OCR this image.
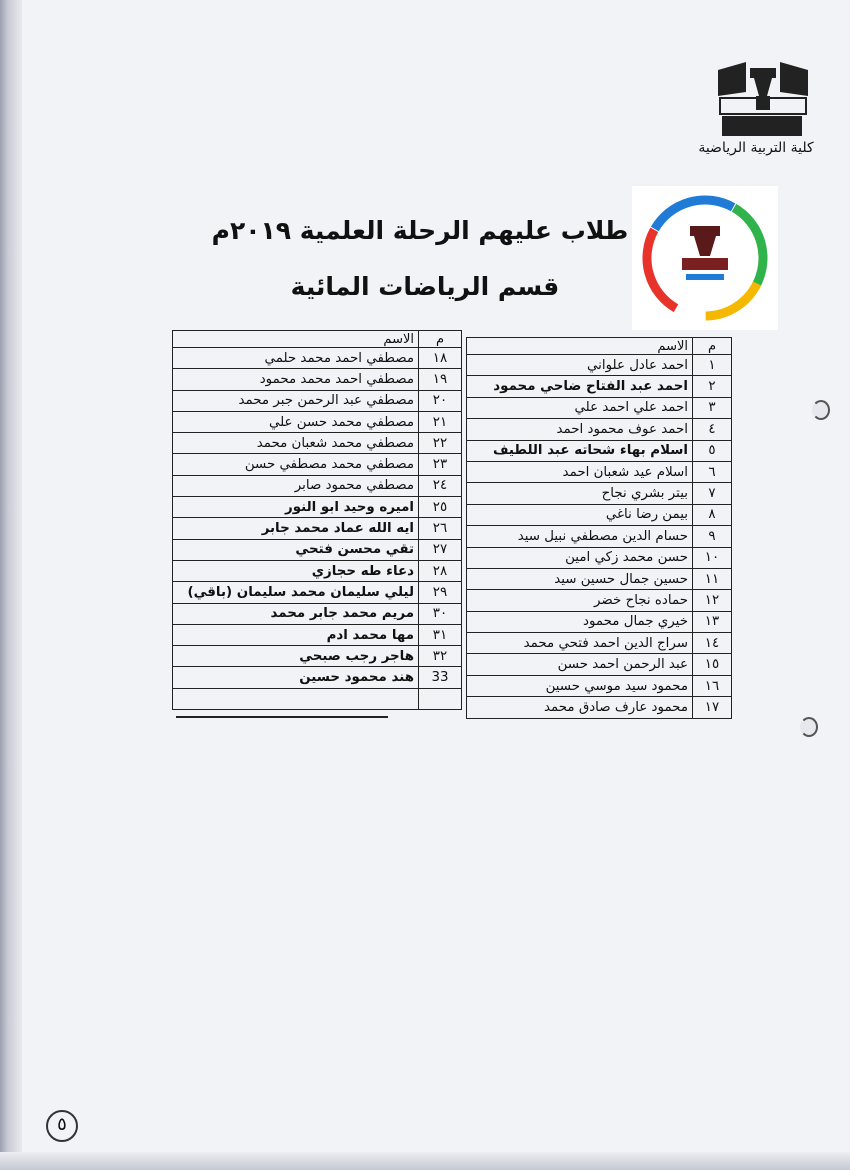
كلية التربية الرياضية
طلاب عليهم الرحلة العلمية ٢٠١٩م
قسم الرياضات المائية
م	الاسم
١	احمد عادل علواني
٢	احمد عبد الفتاح ضاحي محمود
٣	احمد علي احمد علي
٤	احمد عوف محمود احمد
٥	اسلام بهاء شحاته عبد اللطيف
٦	اسلام عيد شعبان احمد
٧	بيتر بشري نجاح
٨	بيمن رضا ناغي
٩	حسام الدين مصطفي نبيل سيد
١٠	حسن محمد زكي امين
١١	حسين جمال حسين سيد
١٢	حماده نجاح خضر
١٣	خيري جمال محمود
١٤	سراج الدين احمد فتحي محمد
١٥	عبد الرحمن احمد حسن
١٦	محمود سيد موسي حسين
١٧	محمود عارف صادق محمد
م	الاسم
١٨	مصطفي احمد محمد حلمي
١٩	مصطفي احمد محمد محمود
٢٠	مصطفي عبد الرحمن جبر محمد
٢١	مصطفي محمد حسن علي
٢٢	مصطفي محمد شعبان محمد
٢٣	مصطفي محمد مصطفي حسن
٢٤	مصطفي محمود صابر
٢٥	اميره وحيد ابو النور
٢٦	ايه الله عماد محمد جابر
٢٧	تقي محسن فتحي
٢٨	دعاء طه حجازي
٢٩	ليلي سليمان محمد سليمان (باقي)
٣٠	مريم محمد جابر محمد
٣١	مها محمد ادم
٣٢	هاجر رجب صبحي
33	هند محمود حسين

٥
